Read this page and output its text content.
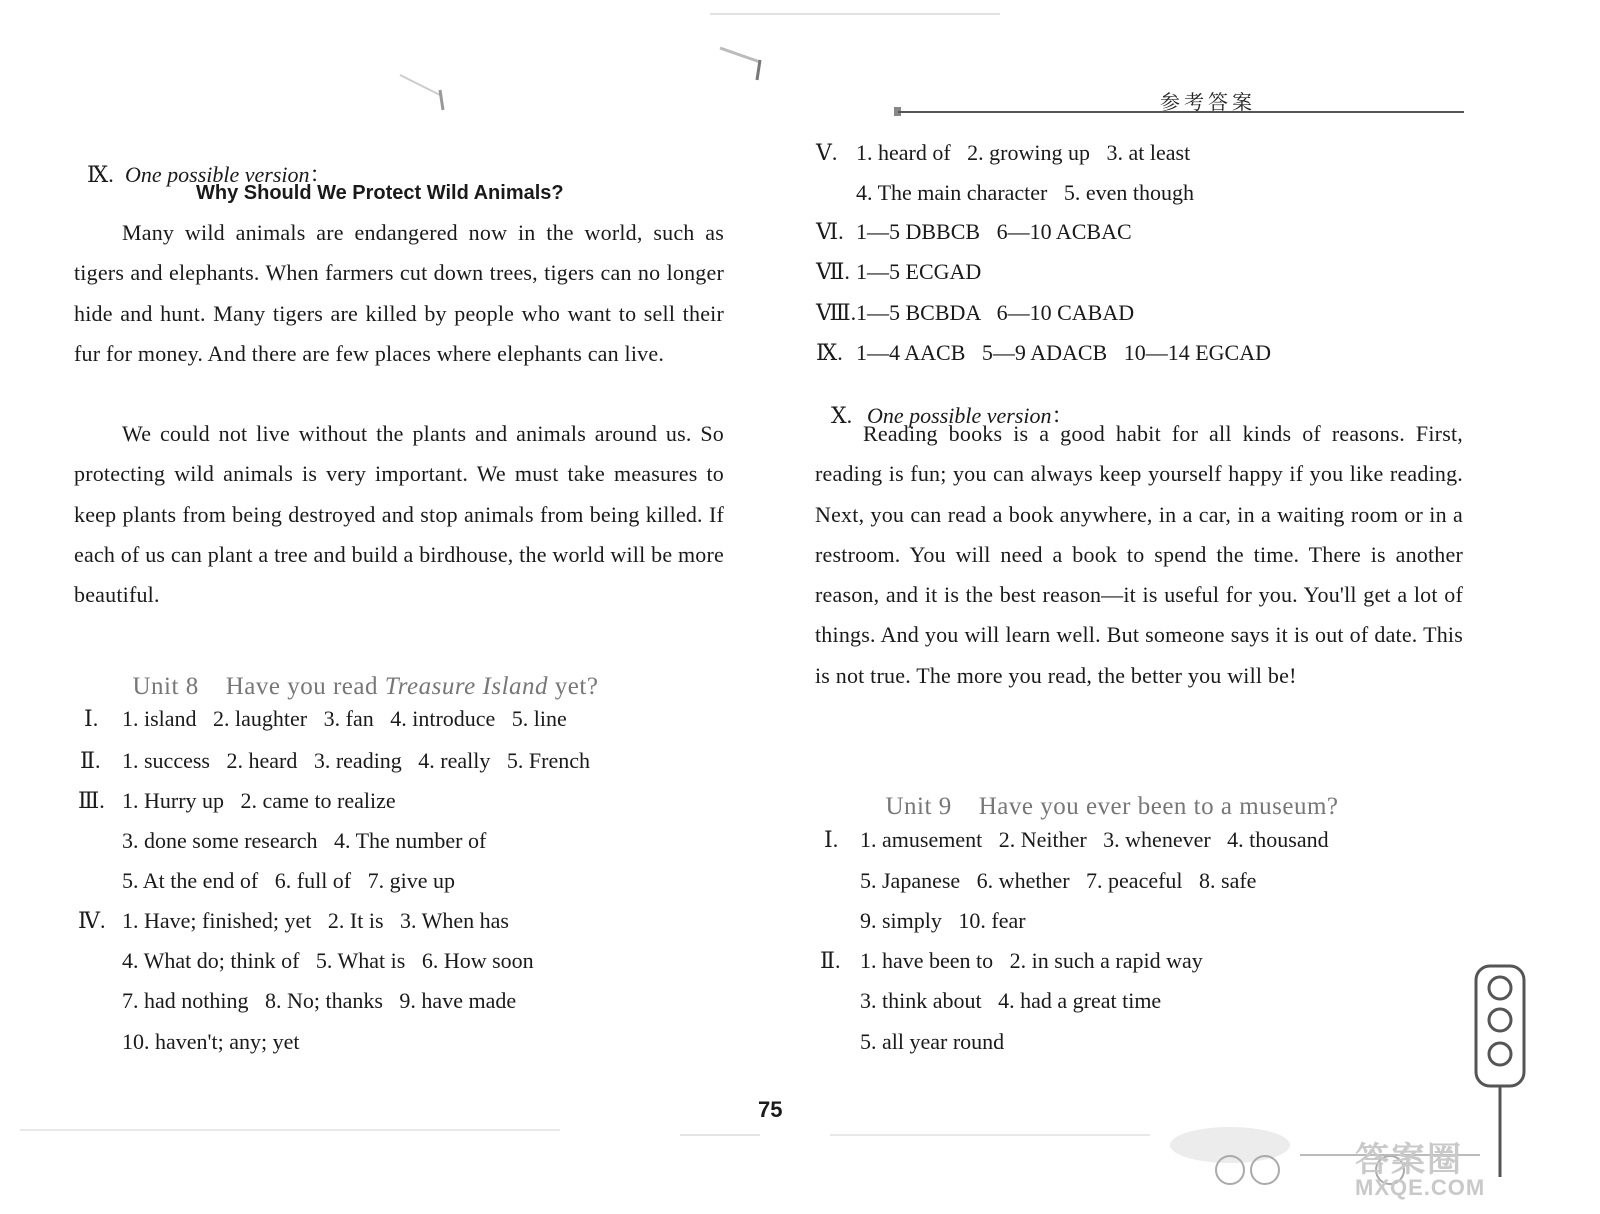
参考答案

Ⅸ. One possible version：

Why Should We Protect Wild Animals?
Many wild animals are endangered now in the world, such as tigers and elephants. When farmers cut down trees, tigers can no longer hide and hunt. Many tigers are killed by people who want to sell their fur for money. And there are few places where elephants can live.
We could not live without the plants and animals around us. So protecting wild animals is very important. We must take measures to keep plants from being destroyed and stop animals from being killed. If each of us can plant a tree and build a birdhouse, the world will be more beautiful.

Unit 8 Have you read Treasure Island yet?

Ⅰ. 1. island   2. laughter   3. fan   4. introduce   5. line
Ⅱ. 1. success   2. heard   3. reading   4. really   5. French
Ⅲ. 1. Hurry up   2. came to realize
3. done some research   4. The number of
5. At the end of   6. full of   7. give up
Ⅳ. 1. Have; finished; yet   2. It is   3. When has
4. What do; think of   5. What is   6. How soon
7. had nothing   8. No; thanks   9. have made
10. haven't; any; yet
Ⅴ. 1. heard of   2. growing up   3. at least
4. The main character   5. even though
Ⅵ. 1—5 DBBCB   6—10 ACBAC
Ⅶ. 1—5 ECGAD
Ⅷ.1—5 BCBDA   6—10 CABAD
Ⅸ. 1—4 AACB   5—9 ADACB   10—14 EGCAD

Ⅹ. One possible version：

Reading books is a good habit for all kinds of reasons. First, reading is fun; you can always keep yourself happy if you like reading. Next, you can read a book anywhere, in a car, in a waiting room or in a restroom. You will need a book to spend the time. There is another reason, and it is the best reason—it is useful for you. You'll get a lot of things. And you will learn well. But someone says it is out of date. This is not true. The more you read, the better you will be!

Unit 9 Have you ever been to a museum?

Ⅰ. 1. amusement   2. Neither   3. whenever   4. thousand
5. Japanese   6. whether   7. peaceful   8. safe
9. simply   10. fear
Ⅱ. 1. have been to   2. in such a rapid way
3. think about   4. had a great time
5. all year round
75
答案圈
MXQE.COM
